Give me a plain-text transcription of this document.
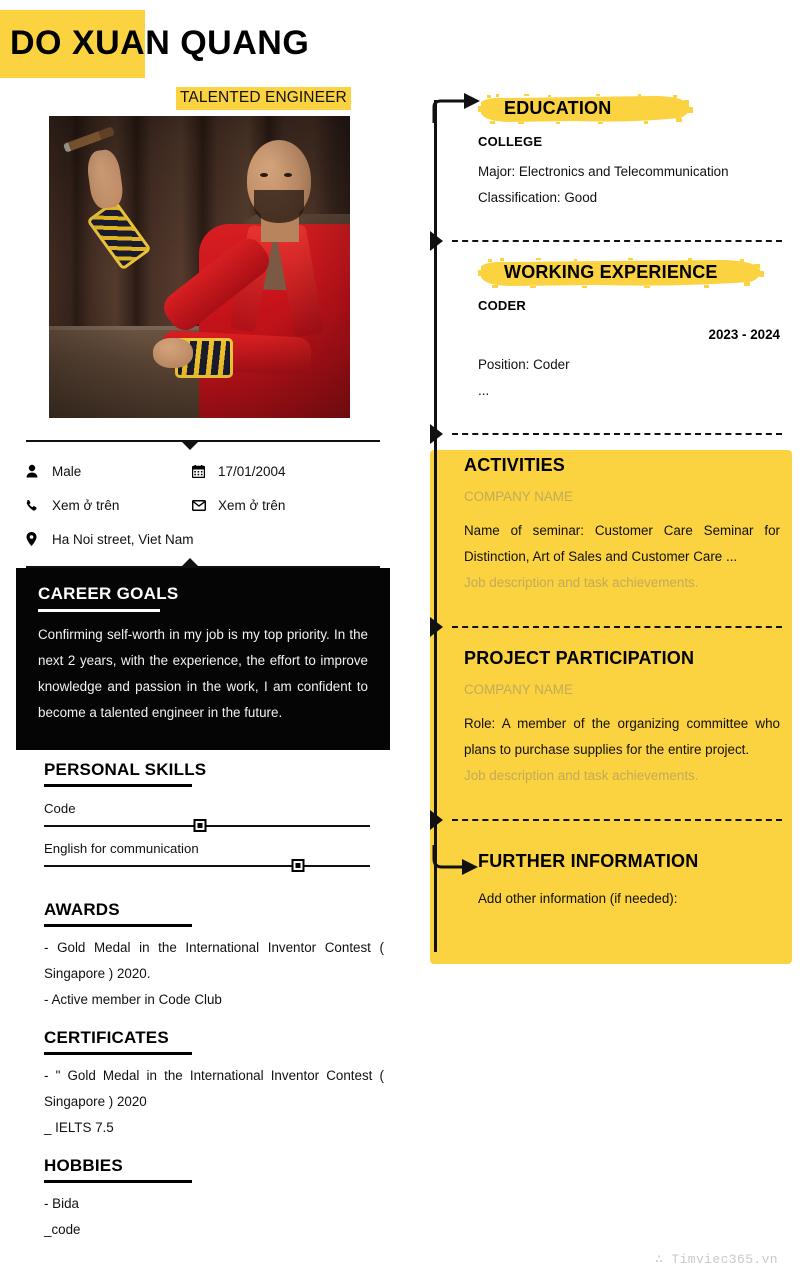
DO XUAN QUANG
TALENTED ENGINEER
Male	17/01/2004
Xem ở trên	Xem ở trên
Ha Noi street, Viet Nam
CAREER GOALS

Confirming self-worth in my job is my top priority. In the next 2 years, with the experience, the effort to improve knowledge and passion in the work, I am confident to become a talented engineer in the future.

PERSONAL SKILLS
Code
English for communication
AWARDS
- Gold Medal in the International Inventor Contest ( Singapore ) 2020.
- Active member in Code Club
CERTIFICATES
- " Gold Medal in the International Inventor Contest ( Singapore ) 2020
_ IELTS 7.5
HOBBIES
- Bida
_code
EDUCATION
COLLEGE
Major: Electronics and Telecommunication
Classification: Good
WORKING EXPERIENCE
CODER
2023 - 2024
Position: Coder
...
ACTIVITIES
COMPANY NAME
Name of seminar: Customer Care Seminar for Distinction, Art of Sales and Customer Care ...
Job description and task achievements.
PROJECT PARTICIPATION
COMPANY NAME
Role: A member of the organizing committee who plans to purchase supplies for the entire project.
Job description and task achievements.
FURTHER INFORMATION
Add other information (if needed):
∴ Timviec365.vn
